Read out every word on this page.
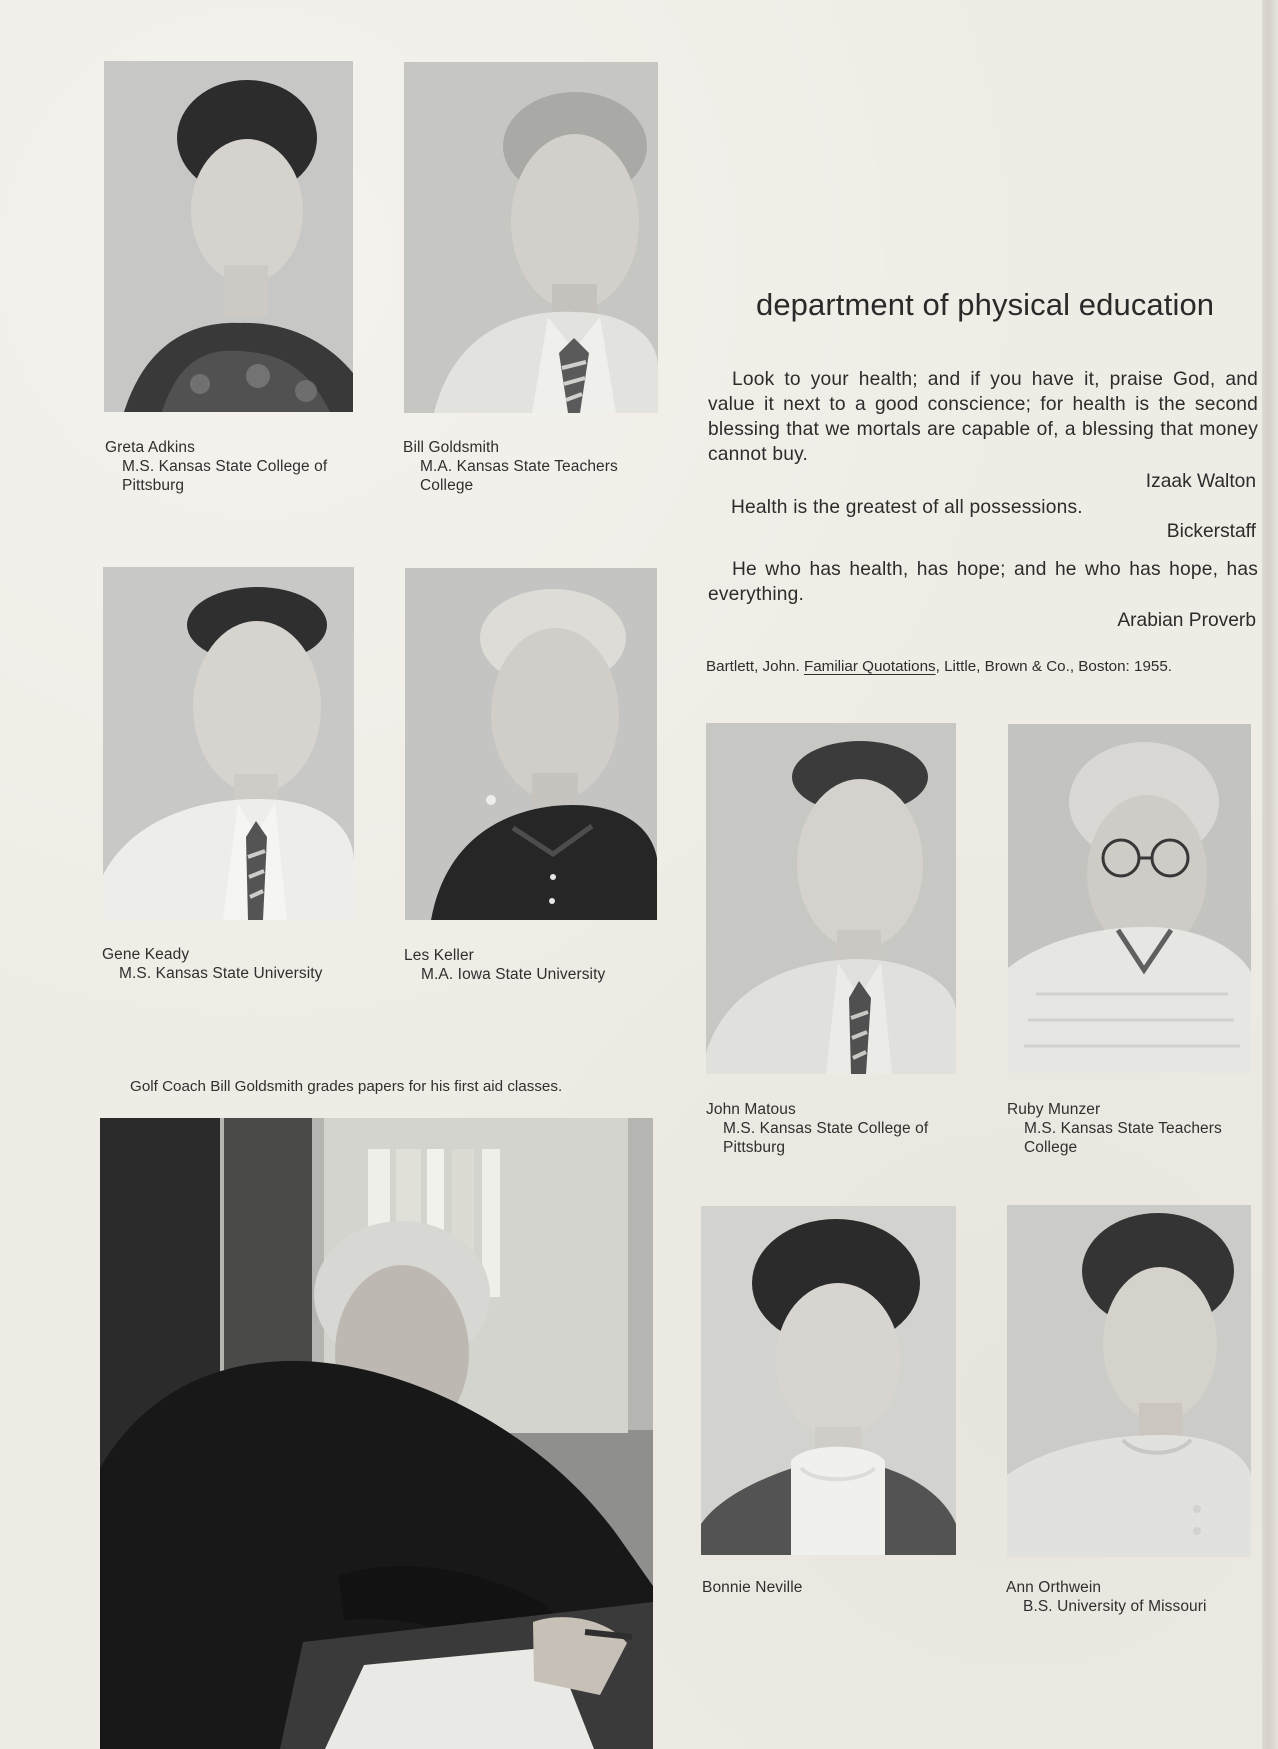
Greta Adkins
M.S. Kansas State College of
Pittsburg
Bill Goldsmith
M.A. Kansas State Teachers
College
Gene Keady
M.S. Kansas State University
Les Keller
M.A. Iowa State University
Golf Coach Bill Goldsmith grades papers for his first aid classes.
department of physical education

Look to your health; and if you have it, praise God, and value it next to a good conscience; for health is the second blessing that we mortals are capable of, a blessing that money cannot buy.

Izaak Walton

Health is the greatest of all possessions.

Bickerstaff

He who has health, has hope; and he who has hope, has everything.

Arabian Proverb
Bartlett, John. Familiar Quotations, Little, Brown & Co., Boston: 1955.
John Matous
M.S. Kansas State College of
Pittsburg
Ruby Munzer
M.S. Kansas State Teachers
College
Bonnie Neville	Ann Orthwein
B.S. University of Missouri
